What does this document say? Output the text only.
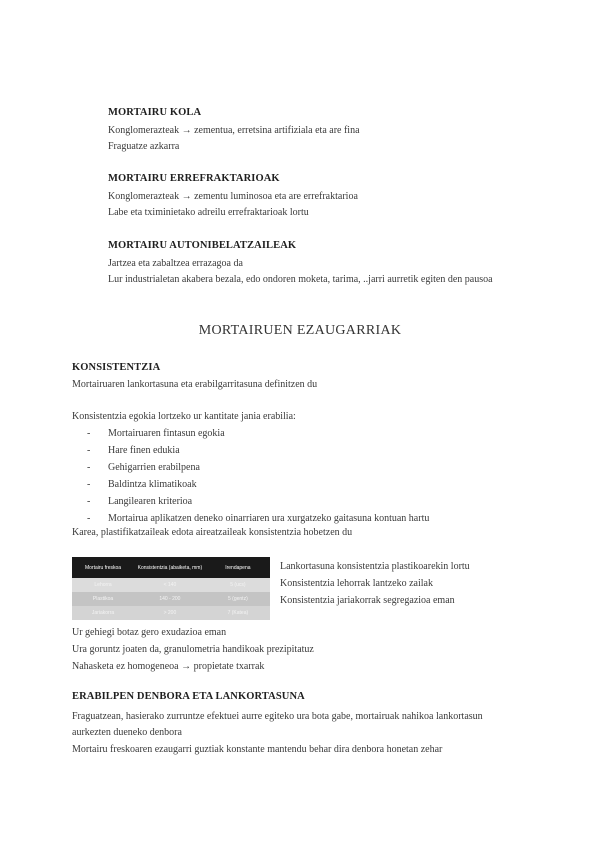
MORTAIRU KOLA
Konglomerazteak → zementua, erretsina artifiziala eta are fina
Fraguatze azkarra
MORTAIRU ERREFRAKTARIOAK
Konglomerazteak → zementu luminosoa eta are errefraktarioa
Labe eta tximinietako adreilu errefraktarioak lortu
MORTAIRU AUTONIBELATZAILEAK
Jartzea eta zabaltzea errazagoa da
Lur industrialetan akabera bezala, edo ondoren moketa, tarima, ..jarri aurretik egiten den pausoa
MORTAIRUEN EZAUGARRIAK
KONSISTENTZIA
Mortairuaren lankortasuna eta erabilgarritasuna definitzen du
Konsistentzia egokia lortzeko ur kantitate jania erabilia:
- Mortairuaren fintasun egokia
- Hare finen edukia
- Gehigarrien erabilpena
- Baldintza klimatikoak
- Langilearen kriterioa
- Mortairua aplikatzen deneko oinarriaren ura xurgatzeko gaitasuna kontuan hartu
Karea, plastifikatzaileak edota aireatzaileak konsistentzia hobetzen du
Mortairu freskoa	Konsistentzia (abaiketa, mm)	Irendapena
Lehorra	< 140	5 (ucs)
Plastikoa	140 - 200	5 (gentz)
Jariakorra	> 200	7 (Katea)
Lankortasuna konsistentzia plastikoarekin lortu
Konsistentzia lehorrak lantzeko zailak
Konsistentzia jariakorrak segregazioa eman
Ur gehiegi botaz gero exudazioa eman
Ura goruntz joaten da, granulometria handikoak prezipitatuz
Nahasketa ez homogeneoa → propietate txarrak
ERABILPEN DENBORA ETA LANKORTASUNA
Fraguatzean, hasierako zurruntze efektuei aurre egiteko ura bota gabe, mortairuak nahikoa lankortasun
aurkezten dueneko denbora
Mortairu freskoaren ezaugarri guztiak konstante mantendu behar dira denbora honetan zehar
